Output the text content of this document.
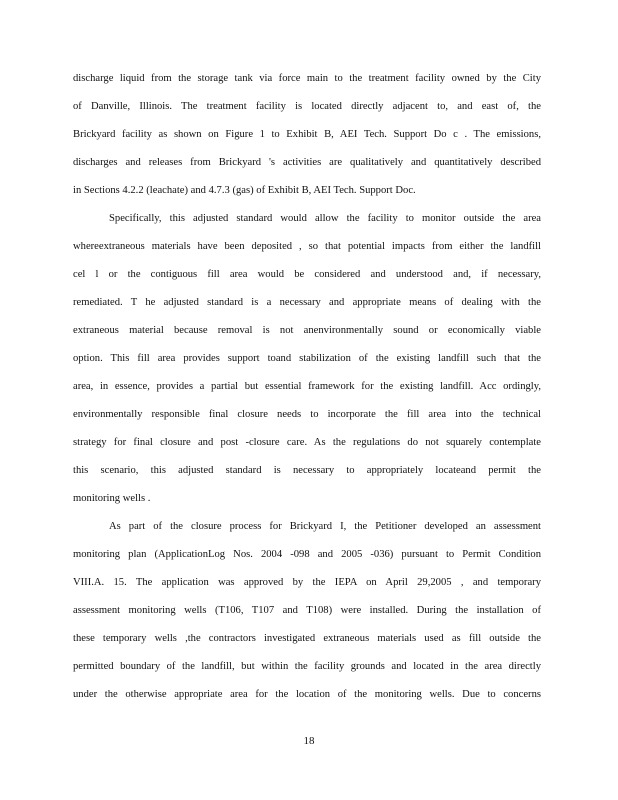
discharge liquid from the storage tank via force main to the treatment facility owned by the City
of Danville, Illinois. The treatment facility is located directly adjacent to, and east of, the
Brickyard facility as shown on Figure 1 to Exhibit B, AEI Tech. Support Do c . The emissions,
discharges and releases from Brickyard 's activities are qualitatively and quantitatively described
in Sections 4.2.2 (leachate) and 4.7.3 (gas) of Exhibit B, AEI Tech. Support Doc.
Specifically, this adjusted standard would allow the facility to monitor outside the area
whereextraneous materials have been deposited , so that potential impacts from either the landfill
cel l or the contiguous fill area would be considered and understood and, if necessary,
remediated. T he adjusted standard is a necessary and appropriate means of dealing with the
extraneous material because removal is not anenvironmentally sound or economically viable
option. This fill area provides support toand stabilization of the existing landfill such that the
area, in essence, provides a partial but essential framework for the existing landfill. Acc ordingly,
environmentally responsible final closure needs to incorporate the fill area into the technical
strategy for final closure and post -closure care. As the regulations do not squarely contemplate
this scenario, this adjusted standard is necessary to appropriately locateand permit the
monitoring wells .
As part of the closure process for Brickyard I, the Petitioner developed an assessment
monitoring plan (ApplicationLog Nos. 2004 -098 and 2005 -036) pursuant to Permit Condition
VIII.A. 15. The application was approved by the IEPA on April 29,2005 , and temporary
assessment monitoring wells (T106, T107 and T108) were installed. During the installation of
these temporary wells ,the contractors investigated extraneous materials used as fill outside the
permitted boundary of the landfill, but within the facility grounds and located in the area directly
under the otherwise appropriate area for the location of the monitoring wells. Due to concerns
18
